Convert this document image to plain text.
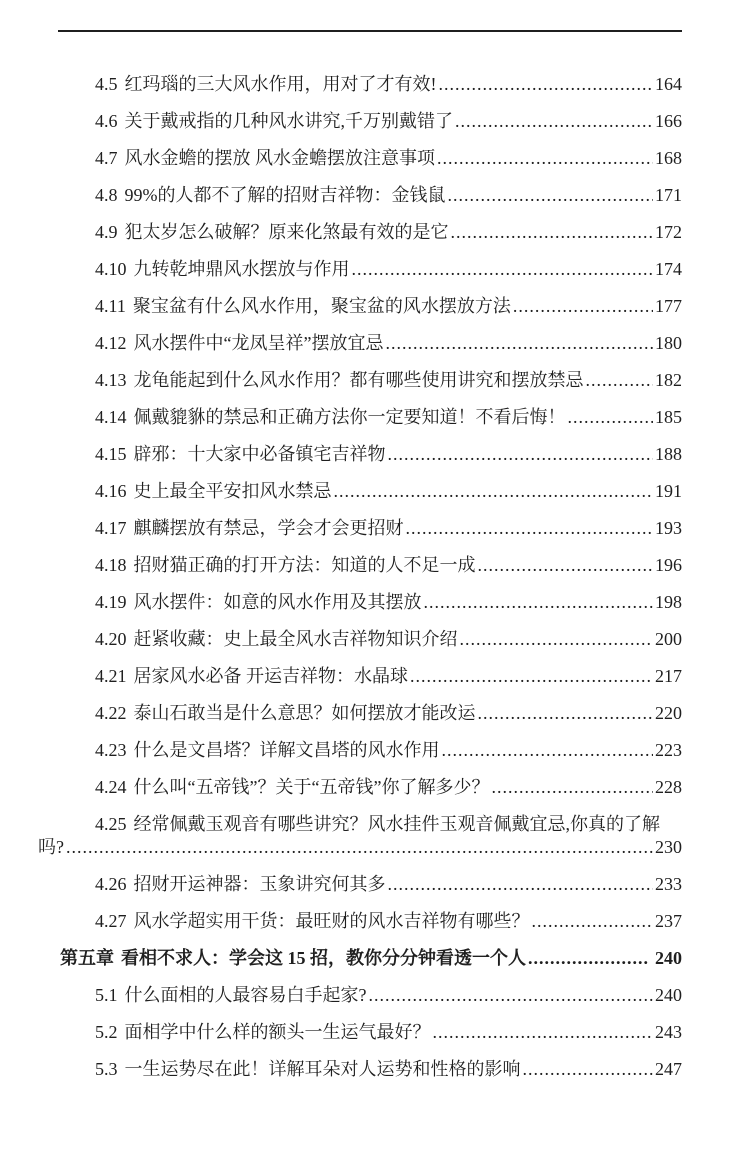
4.5 红玛瑙的三大风水作用，用对了才有效! .....	164
4.6 关于戴戒指的几种风水讲究,千万别戴错了 .....	166
4.7 风水金蟾的摆放 风水金蟾摆放注意事项 .....	168
4.8 99%的人都不了解的招财吉祥物：金钱鼠 .....	171
4.9 犯太岁怎么破解？原来化煞最有效的是它 .....	172
4.10 九转乾坤鼎风水摆放与作用 .....	174
4.11 聚宝盆有什么风水作用，聚宝盆的风水摆放方法 .....	177
4.12 风水摆件中“龙凤呈祥”摆放宜忌 .....	180
4.13 龙龟能起到什么风水作用？都有哪些使用讲究和摆放禁忌 .....	182
4.14 佩戴貔貅的禁忌和正确方法你一定要知道！不看后悔！ .....	185
4.15 辟邪：十大家中必备镇宅吉祥物 .....	188
4.16 史上最全平安扣风水禁忌 .....	191
4.17 麒麟摆放有禁忌，学会才会更招财 .....	193
4.18 招财猫正确的打开方法：知道的人不足一成 .....	196
4.19 风水摆件：如意的风水作用及其摆放 .....	198
4.20 赶紧收藏：史上最全风水吉祥物知识介绍 .....	200
4.21 居家风水必备 开运吉祥物：水晶球 .....	217
4.22 泰山石敢当是什么意思？如何摆放才能改运 .....	220
4.23 什么是文昌塔？详解文昌塔的风水作用 .....	223
4.24 什么叫“五帝钱”？关于“五帝钱”你了解多少？ .....	228
4.25 经常佩戴玉观音有哪些讲究？风水挂件玉观音佩戴宜忌,你真的了解
吗? .....	230
4.26 招财开运神器：玉象讲究何其多 .....	233
4.27 风水学超实用干货：最旺财的风水吉祥物有哪些？ .....	237
第五章 看相不求人：学会这 15 招，教你分分钟看透一个人 .....	240
5.1 什么面相的人最容易白手起家? .....	240
5.2 面相学中什么样的额头一生运气最好？ .....	243
5.3 一生运势尽在此！详解耳朵对人运势和性格的影响 .....	247
